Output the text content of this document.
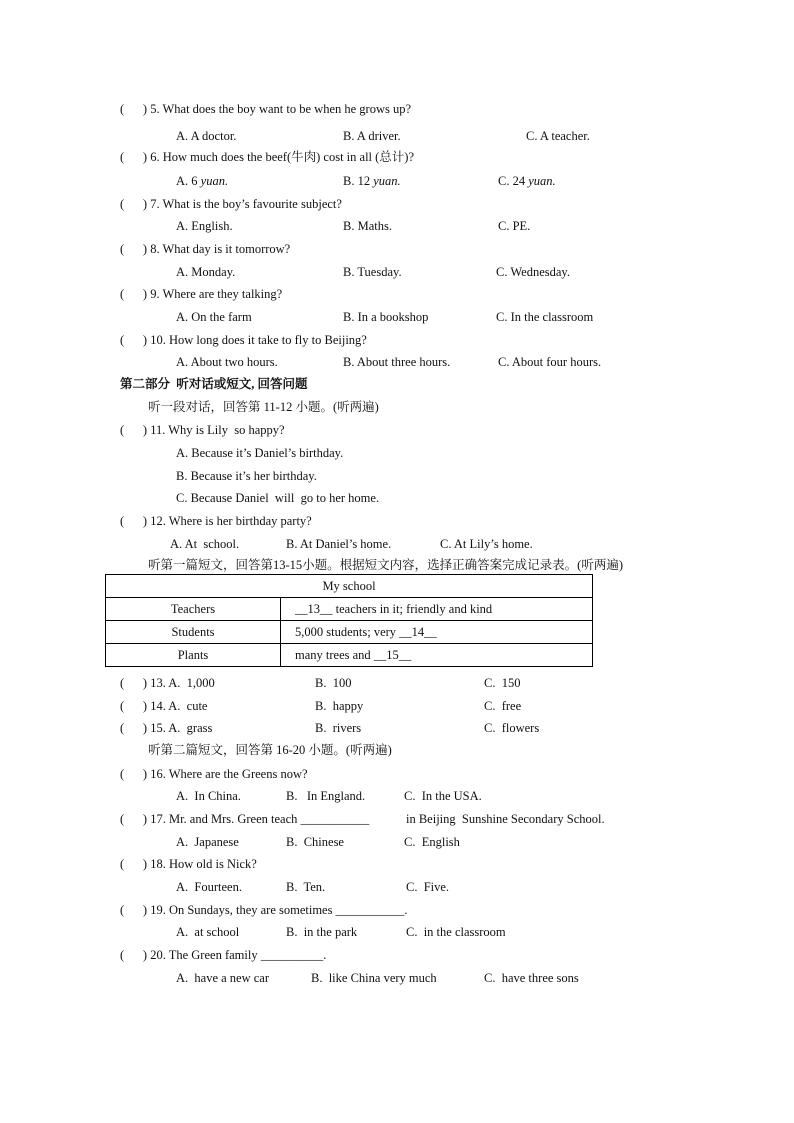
(      ) 5. What does the boy want to be when he grows up?
A. A doctor.	B. A driver.	C. A teacher.
(      ) 6. How much does the beef(牛肉) cost in all (总计)?
A. 6 yuan.	B. 12 yuan.	C. 24 yuan.
(      ) 7. What is the boy’s favourite subject?
A. English.	B. Maths.	C. PE.
(      ) 8. What day is it tomorrow?
A. Monday.	B. Tuesday.	C. Wednesday.
(      ) 9. Where are they talking?
A. On the farm	B. In a bookshop	C. In the classroom
(      ) 10. How long does it take to fly to Beijing?
A. About two hours.	B. About three hours.	C. About four hours.
第二部分  听对话或短文, 回答问题
听一段对话，回答第 11-12 小题。(听两遍)
(      ) 11. Why is Lily  so happy?
A. Because it’s Daniel’s birthday.
B. Because it’s her birthday.
C. Because Daniel  will  go to her home.
(      ) 12. Where is her birthday party?
A. At  school.	B. At Daniel’s home.	C. At Lily’s home.
听第一篇短文，回答第13-15小题。根据短文内容，选择正确答案完成记录表。(听两遍)
My school	
Teachers	__13__ teachers in it; friendly and kind
Students	5,000 students; very __14__
Plants	many trees and __15__
(      ) 13. A.  1,000	B.  100	C.  150
(      ) 14. A.  cute	B.  happy	C.  free
(      ) 15. A.  grass	B.  rivers	C.  flowers
听第二篇短文，回答第 16-20 小题。(听两遍)
(      ) 16. Where are the Greens now?
A.  In China.	B.   In England.	C.  In the USA.
(      ) 17. Mr. and Mrs. Green teach ___________	in Beijing  Sunshine Secondary School.
A.  Japanese	B.  Chinese	C.  English
(      ) 18. How old is Nick?
A.  Fourteen.	B.  Ten.	C.  Five.
(      ) 19. On Sundays, they are sometimes ___________.
A.  at school	B.  in the park	C.  in the classroom
(      ) 20. The Green family __________.
A.  have a new car	B.  like China very much	C.  have three sons
